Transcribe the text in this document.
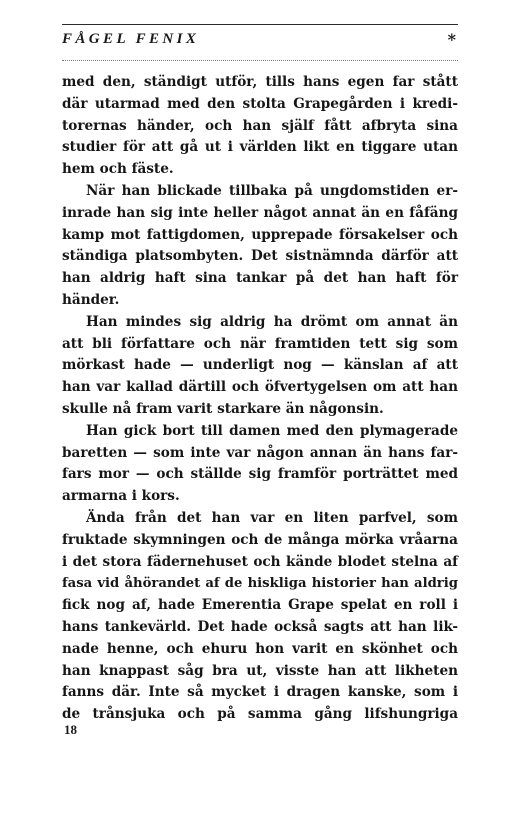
FÅGEL FENIX	*
med den, ständigt utför, tills hans egen far stått
där utarmad med den stolta Grapegården i kredi-
torernas händer, och han själf fått afbryta sina
studier för att gå ut i världen likt en tiggare utan
hem och fäste.
När han blickade tillbaka på ungdomstiden er-
inrade han sig inte heller något annat än en fåfäng
kamp mot fattigdomen, upprepade försakelser och
ständiga platsombyten. Det sistnämnda därför att
han aldrig haft sina tankar på det han haft för
händer.
Han mindes sig aldrig ha drömt om annat än
att bli författare och när framtiden tett sig som
mörkast hade — underligt nog — känslan af att
han var kallad därtill och öfvertygelsen om att han
skulle nå fram varit starkare än någonsin.
Han gick bort till damen med den plymagerade
baretten — som inte var någon annan än hans far-
fars mor — och ställde sig framför porträttet med
armarna i kors.
Ända från det han var en liten parfvel, som
fruktade skymningen och de många mörka vråarna
i det stora fädernehuset och kände blodet stelna af
fasa vid åhörandet af de hiskliga historier han aldrig
fick nog af, hade Emerentia Grape spelat en roll i
hans tankevärld. Det hade också sagts att han lik-
nade henne, och ehuru hon varit en skönhet och
han knappast såg bra ut, visste han att likheten
fanns där. Inte så mycket i dragen kanske, som i
de trånsjuka och på samma gång lifshungriga
18
